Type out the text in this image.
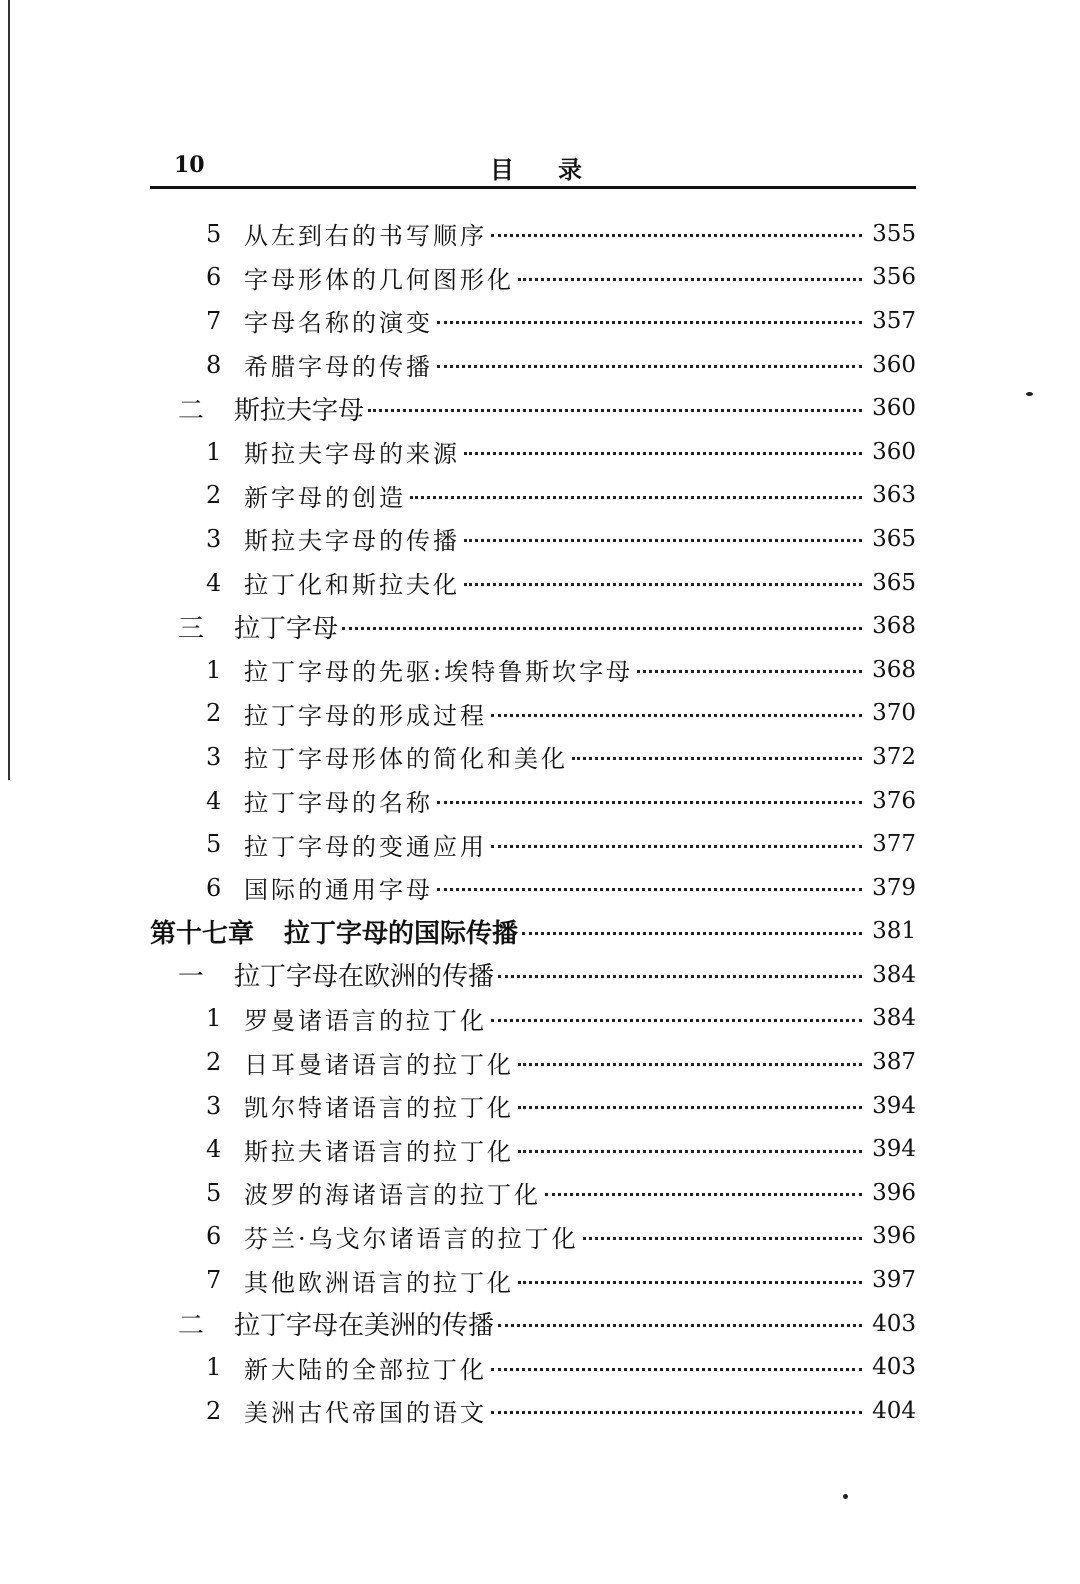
10	目录
5 从左到右的书写顺序	355
6 字母形体的几何图形化	356
7 字母名称的演变	357
8 希腊字母的传播	360
二	斯拉夫字母	360
1 斯拉夫字母的来源	360
2 新字母的创造	363
3 斯拉夫字母的传播	365
4 拉丁化和斯拉夫化	365
三	拉丁字母	368
1 拉丁字母的先驱:埃特鲁斯坎字母	368
2 拉丁字母的形成过程	370
3 拉丁字母形体的简化和美化	372
4 拉丁字母的名称	376
5 拉丁字母的变通应用	377
6 国际的通用字母	379
第十七章 拉丁字母的国际传播	381
一	拉丁字母在欧洲的传播	384
1 罗曼诸语言的拉丁化	384
2 日耳曼诸语言的拉丁化	387
3 凯尔特诸语言的拉丁化	394
4 斯拉夫诸语言的拉丁化	394
5 波罗的海诸语言的拉丁化	396
6 芬兰·乌戈尔诸语言的拉丁化	396
7 其他欧洲语言的拉丁化	397
二	拉丁字母在美洲的传播	403
1 新大陆的全部拉丁化	403
2 美洲古代帝国的语文	404
